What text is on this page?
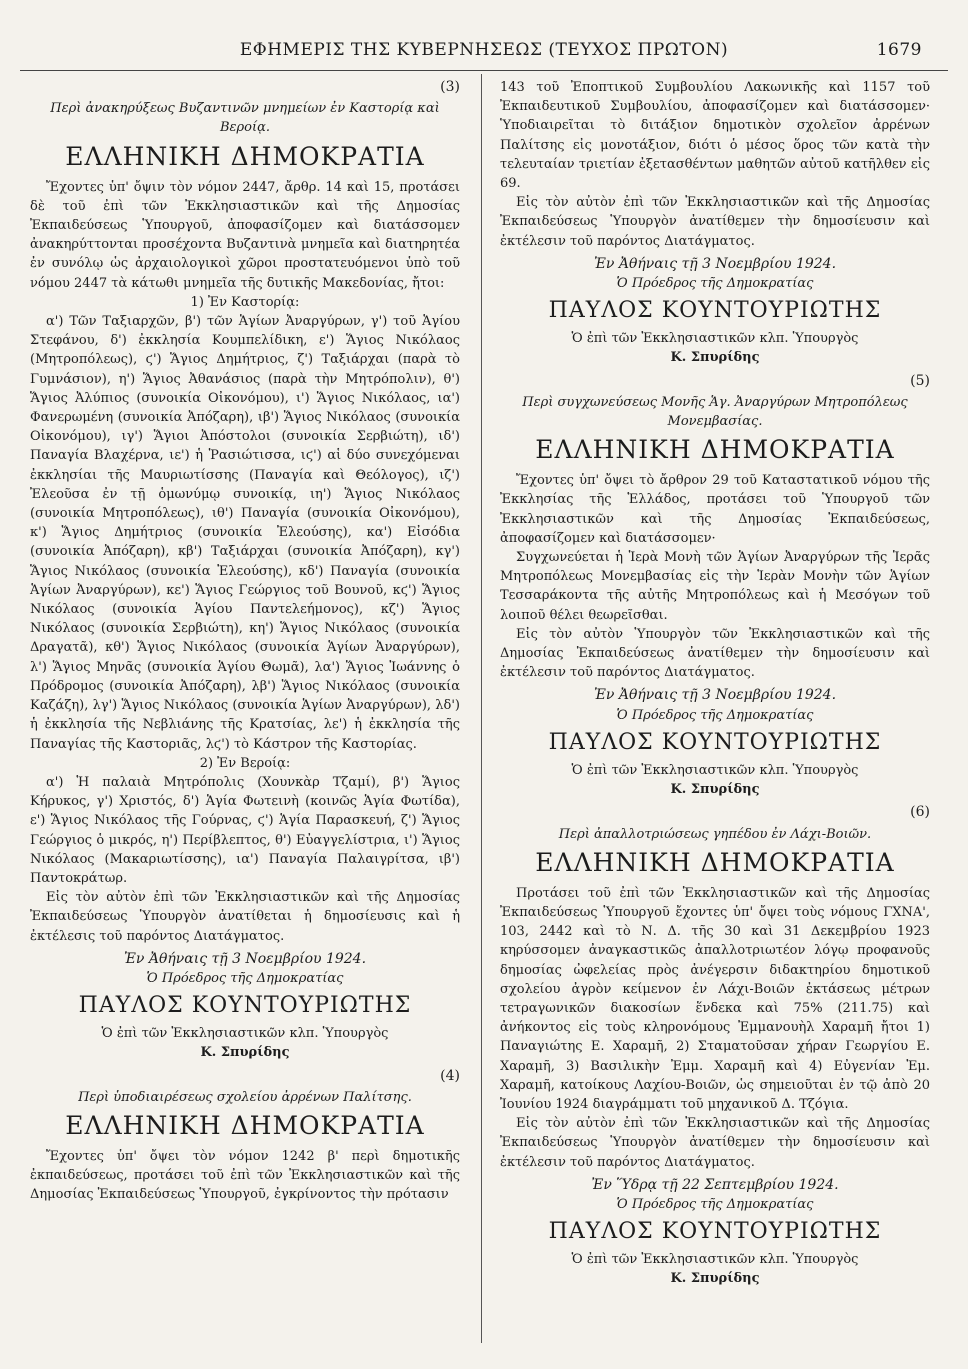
ΕΦΗΜΕΡΙΣ ΤΗΣ ΚΥΒΕΡΝΗΣΕΩΣ (ΤΕΥΧΟΣ ΠΡΩΤΟΝ)	1679

(3)

Περὶ ἀνακηρύξεως Βυζαντινῶν μνημείων ἐν Καστορίᾳ καὶ Βεροίᾳ.

ΕΛΛΗΝΙΚΗ ΔΗΜΟΚΡΑΤΙΑ

Ἔχοντες ὑπ' ὄψιν τὸν νόμον 2447, ἄρθρ. 14 καὶ 15, προτάσει δὲ τοῦ ἐπὶ τῶν Ἐκκλησιαστικῶν καὶ τῆς Δημοσίας Ἐκπαιδεύσεως Ὑπουργοῦ, ἀποφασίζομεν καὶ διατάσσομεν ἀνακηρύττονται προσέχοντα Βυζαντινὰ μνημεῖα καὶ διατηρητέα ἐν συνόλῳ ὡς ἀρχαιολογικοὶ χῶροι προστατευόμενοι ὑπὸ τοῦ νόμου 2447 τὰ κάτωθι μνημεῖα τῆς δυτικῆς Μακεδονίας, ἤτοι:

1) Ἐν Καστορίᾳ:

α') Τῶν Ταξιαρχῶν, β') τῶν Ἁγίων Ἀναργύρων, γ') τοῦ Ἁγίου Στεφάνου, δ') ἐκκλησία Κουμπελίδικη, ε') Ἅγιος Νικόλαος (Μητροπόλεως), ϛ') Ἅγιος Δημήτριος, ζ') Ταξιάρχαι (παρὰ τὸ Γυμνάσιον), η') Ἅγιος Ἀθανάσιος (παρὰ τὴν Μητρόπολιν), θ') Ἅγιος Ἀλύπιος (συνοικία Οἰκονόμου), ι') Ἅγιος Νικόλαος, ια') Φανερωμένη (συνοικία Ἀπόζαρη), ιβ') Ἅγιος Νικόλαος (συνοικία Οἰκονόμου), ιγ') Ἅγιοι Ἀπόστολοι (συνοικία Σερβιώτη), ιδ') Παναγία Βλαχέρνα, ιε') ἡ Ῥασιώτισσα, ιϛ') αἱ δύο συνεχόμεναι ἐκκλησίαι τῆς Μαυριωτίσσης (Παναγία καὶ Θεόλογος), ιζ') Ἐλεοῦσα ἐν τῇ ὁμωνύμῳ συνοικίᾳ, ιη') Ἅγιος Νικόλαος (συνοικία Μητροπόλεως), ιθ') Παναγία (συνοικία Οἰκονόμου), κ') Ἅγιος Δημήτριος (συνοικία Ἐλεούσης), κα') Εἰσόδια (συνοικία Ἀπόζαρη), κβ') Ταξιάρχαι (συνοικία Ἀπόζαρη), κγ') Ἅγιος Νικόλαος (συνοικία Ἐλεούσης), κδ') Παναγία (συνοικία Ἁγίων Ἀναργύρων), κε') Ἅγιος Γεώργιος τοῦ Βουνοῦ, κϛ') Ἅγιος Νικόλαος (συνοικία Ἁγίου Παντελεήμονος), κζ') Ἅγιος Νικόλαος (συνοικία Σερβιώτη), κη') Ἅγιος Νικόλαος (συνοικία Δραγατᾶ), κθ') Ἅγιος Νικόλαος (συνοικία Ἁγίων Ἀναργύρων), λ') Ἅγιος Μηνᾶς (συνοικία Ἁγίου Θωμᾶ), λα') Ἅγιος Ἰωάννης ὁ Πρόδρομος (συνοικία Ἀπόζαρη), λβ') Ἅγιος Νικόλαος (συνοικία Καζάζη), λγ') Ἅγιος Νικόλαος (συνοικία Ἁγίων Ἀναργύρων), λδ') ἡ ἐκκλησία τῆς Νεβλιάνης τῆς Κρατσίας, λε') ἡ ἐκκλησία τῆς Παναγίας τῆς Καστοριᾶς, λϛ') τὸ Κάστρον τῆς Καστορίας.

2) Ἐν Βεροίᾳ:

α') Ἡ παλαιὰ Μητρόπολις (Χουνκὰρ Τζαμί), β') Ἅγιος Κήρυκος, γ') Χριστός, δ') Ἁγία Φωτεινὴ (κοινῶς Ἁγία Φωτίδα), ε') Ἅγιος Νικόλαος τῆς Γούρνας, ϛ') Ἁγία Παρασκευή, ζ') Ἅγιος Γεώργιος ὁ μικρός, η') Περίβλεπτος, θ') Εὐαγγελίστρια, ι') Ἅγιος Νικόλαος (Μακαριωτίσσης), ια') Παναγία Παλαιγρίτσα, ιβ') Παντοκράτωρ.

Εἰς τὸν αὐτὸν ἐπὶ τῶν Ἐκκλησιαστικῶν καὶ τῆς Δημοσίας Ἐκπαιδεύσεως Ὑπουργὸν ἀνατίθεται ἡ δημοσίευσις καὶ ἡ ἐκτέλεσις τοῦ παρόντος Διατάγματος.

Ἐν Ἀθήναις τῇ 3 Νοεμβρίου 1924.

Ὁ Πρόεδρος τῆς Δημοκρατίας

ΠΑΥΛΟΣ ΚΟΥΝΤΟΥΡΙΩΤΗΣ

Ὁ ἐπὶ τῶν Ἐκκλησιαστικῶν κλπ. Ὑπουργὸς

Κ. Σπυρίδης

(4)

Περὶ ὑποδιαιρέσεως σχολείου ἀρρένων Παλίτσης.

ΕΛΛΗΝΙΚΗ ΔΗΜΟΚΡΑΤΙΑ

Ἔχοντες ὑπ' ὄψει τὸν νόμον 1242 β' περὶ δημοτικῆς ἐκπαιδεύσεως, προτάσει τοῦ ἐπὶ τῶν Ἐκκλησιαστικῶν καὶ τῆς Δημοσίας Ἐκπαιδεύσεως Ὑπουργοῦ, ἐγκρίνοντος τὴν πρότασιν

143 τοῦ Ἐποπτικοῦ Συμβουλίου Λακωνικῆς καὶ 1157 τοῦ Ἐκπαιδευτικοῦ Συμβουλίου, ἀποφασίζομεν καὶ διατάσσομεν· Ὑποδιαιρεῖται τὸ διτάξιον δημοτικὸν σχολεῖον ἀρρένων Παλίτσης εἰς μονοτάξιον, διότι ὁ μέσος ὅρος τῶν κατὰ τὴν τελευταίαν τριετίαν ἐξετασθέντων μαθητῶν αὐτοῦ κατῆλθεν εἰς 69.

Εἰς τὸν αὐτὸν ἐπὶ τῶν Ἐκκλησιαστικῶν καὶ τῆς Δημοσίας Ἐκπαιδεύσεως Ὑπουργὸν ἀνατίθεμεν τὴν δημοσίευσιν καὶ ἐκτέλεσιν τοῦ παρόντος Διατάγματος.

Ἐν Ἀθήναις τῇ 3 Νοεμβρίου 1924.

Ὁ Πρόεδρος τῆς Δημοκρατίας

ΠΑΥΛΟΣ ΚΟΥΝΤΟΥΡΙΩΤΗΣ

Ὁ ἐπὶ τῶν Ἐκκλησιαστικῶν κλπ. Ὑπουργὸς

Κ. Σπυρίδης

(5)

Περὶ συγχωνεύσεως Μονῆς Ἁγ. Ἀναργύρων Μητροπόλεως Μονεμβασίας.

ΕΛΛΗΝΙΚΗ ΔΗΜΟΚΡΑΤΙΑ

Ἔχοντες ὑπ' ὄψει τὸ ἄρθρον 29 τοῦ Καταστατικοῦ νόμου τῆς Ἐκκλησίας τῆς Ἑλλάδος, προτάσει τοῦ Ὑπουργοῦ τῶν Ἐκκλησιαστικῶν καὶ τῆς Δημοσίας Ἐκπαιδεύσεως, ἀποφασίζομεν καὶ διατάσσομεν·

Συγχωνεύεται ἡ Ἱερὰ Μονὴ τῶν Ἁγίων Ἀναργύρων τῆς Ἱερᾶς Μητροπόλεως Μονεμβασίας εἰς τὴν Ἱερὰν Μονὴν τῶν Ἁγίων Τεσσαράκοντα τῆς αὐτῆς Μητροπόλεως καὶ ἡ Μεσόγων τοῦ λοιποῦ θέλει θεωρεῖσθαι.

Εἰς τὸν αὐτὸν Ὑπουργὸν τῶν Ἐκκλησιαστικῶν καὶ τῆς Δημοσίας Ἐκπαιδεύσεως ἀνατίθεμεν τὴν δημοσίευσιν καὶ ἐκτέλεσιν τοῦ παρόντος Διατάγματος.

Ἐν Ἀθήναις τῇ 3 Νοεμβρίου 1924.

Ὁ Πρόεδρος τῆς Δημοκρατίας

ΠΑΥΛΟΣ ΚΟΥΝΤΟΥΡΙΩΤΗΣ

Ὁ ἐπὶ τῶν Ἐκκλησιαστικῶν κλπ. Ὑπουργὸς

Κ. Σπυρίδης

(6)

Περὶ ἀπαλλοτριώσεως γηπέδου ἐν Λάχι-Βοιῶν.

ΕΛΛΗΝΙΚΗ ΔΗΜΟΚΡΑΤΙΑ

Προτάσει τοῦ ἐπὶ τῶν Ἐκκλησιαστικῶν καὶ τῆς Δημοσίας Ἐκπαιδεύσεως Ὑπουργοῦ ἔχοντες ὑπ' ὄψει τοὺς νόμους ΓΧΝΑ', 103, 2442 καὶ τὸ Ν. Δ. τῆς 30 καὶ 31 Δεκεμβρίου 1923 κηρύσσομεν ἀναγκαστικῶς ἀπαλλοτριωτέον λόγῳ προφανοῦς δημοσίας ὠφελείας πρὸς ἀνέγερσιν διδακτηρίου δημοτικοῦ σχολείου ἀγρὸν κείμενον ἐν Λάχι-Βοιῶν ἐκτάσεως μέτρων τετραγωνικῶν διακοσίων ἕνδεκα καὶ 75% (211.75) καὶ ἀνήκοντος εἰς τοὺς κληρονόμους Ἐμμανουὴλ Χαραμῆ ἤτοι 1) Παναγιώτης Ε. Χαραμῆ, 2) Σταματοῦσαν χήραν Γεωργίου Ε. Χαραμῆ, 3) Βασιλικὴν Ἐμμ. Χαραμῆ καὶ 4) Εὐγενίαν Ἐμ. Χαραμῆ, κατοίκους Λαχίου-Βοιῶν, ὡς σημειοῦται ἐν τῷ ἀπὸ 20 Ἰουνίου 1924 διαγράμματι τοῦ μηχανικοῦ Δ. Τζόγια.

Εἰς τὸν αὐτὸν ἐπὶ τῶν Ἐκκλησιαστικῶν καὶ τῆς Δημοσίας Ἐκπαιδεύσεως Ὑπουργὸν ἀνατίθεμεν τὴν δημοσίευσιν καὶ ἐκτέλεσιν τοῦ παρόντος Διατάγματος.

Ἐν Ὕδρᾳ τῇ 22 Σεπτεμβρίου 1924.

Ὁ Πρόεδρος τῆς Δημοκρατίας

ΠΑΥΛΟΣ ΚΟΥΝΤΟΥΡΙΩΤΗΣ

Ὁ ἐπὶ τῶν Ἐκκλησιαστικῶν κλπ. Ὑπουργὸς

Κ. Σπυρίδης
